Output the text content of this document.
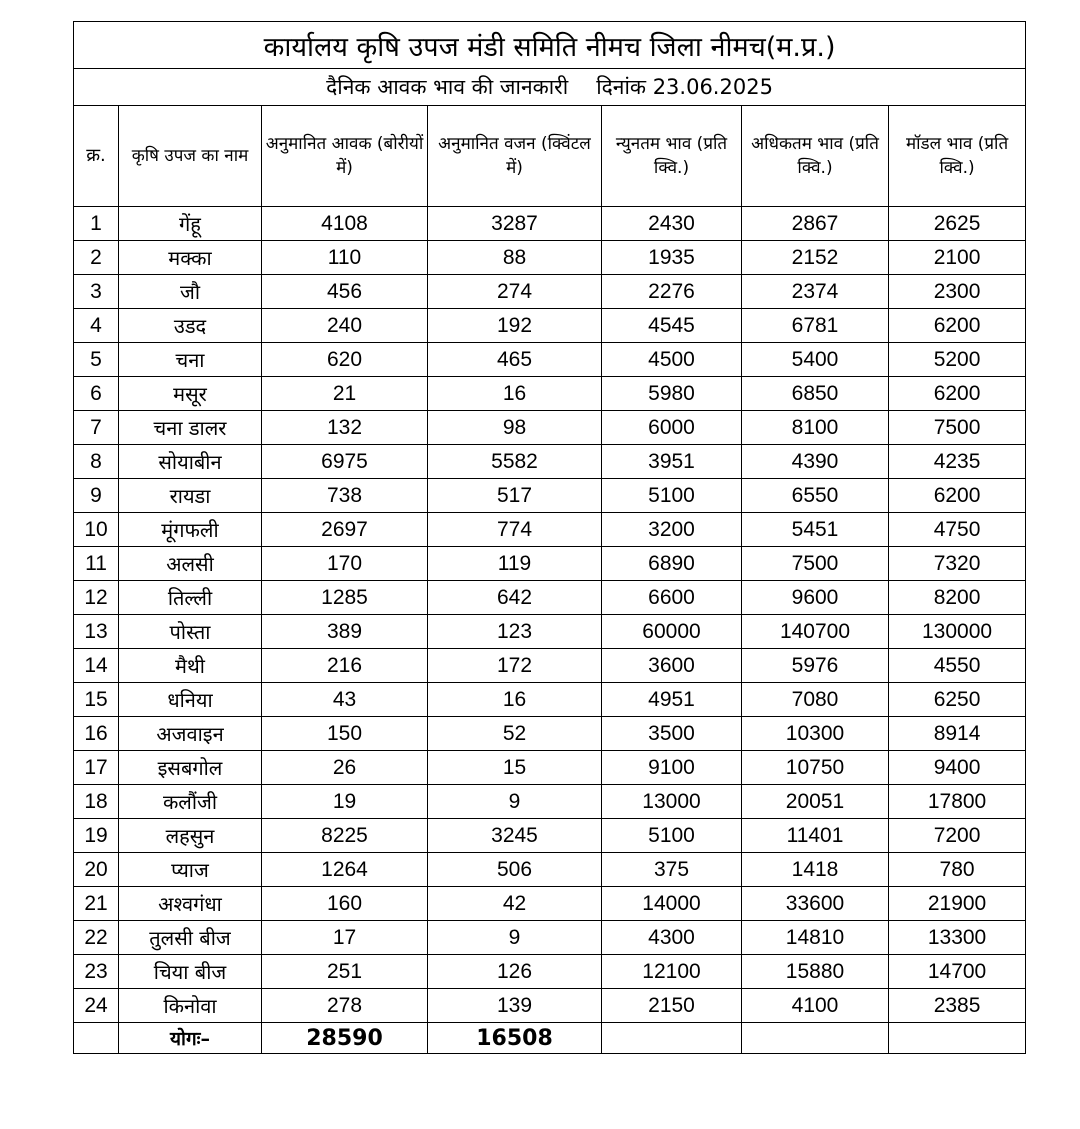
कार्यालय कृषि उपज मंडी समिति नीमच जिला नीमच(म.प्र.)						
दैनिक आवक भाव की जानकारी दिनांक 23.06.2025						
क्र.	कृषि उपज का नाम	अनुमानित आवक (बोरीयों में)	अनुमानित वजन (क्विंटल में)	न्युनतम भाव (प्रति क्वि.)	अधिकतम भाव (प्रति क्वि.)	मॉडल भाव (प्रति क्वि.)
1	गेंहू	4108	3287	2430	2867	2625
2	मक्का	110	88	1935	2152	2100
3	जौ	456	274	2276	2374	2300
4	उडद	240	192	4545	6781	6200
5	चना	620	465	4500	5400	5200
6	मसूर	21	16	5980	6850	6200
7	चना डालर	132	98	6000	8100	7500
8	सोयाबीन	6975	5582	3951	4390	4235
9	रायडा	738	517	5100	6550	6200
10	मूंगफली	2697	774	3200	5451	4750
11	अलसी	170	119	6890	7500	7320
12	तिल्ली	1285	642	6600	9600	8200
13	पोस्ता	389	123	60000	140700	130000
14	मैथी	216	172	3600	5976	4550
15	धनिया	43	16	4951	7080	6250
16	अजवाइन	150	52	3500	10300	8914
17	इसबगोल	26	15	9100	10750	9400
18	कलौंजी	19	9	13000	20051	17800
19	लहसुन	8225	3245	5100	11401	7200
20	प्याज	1264	506	375	1418	780
21	अश्वगंधा	160	42	14000	33600	21900
22	तुलसी बीज	17	9	4300	14810	13300
23	चिया बीज	251	126	12100	15880	14700
24	किनोवा	278	139	2150	4100	2385
	योगः–	28590	16508			
